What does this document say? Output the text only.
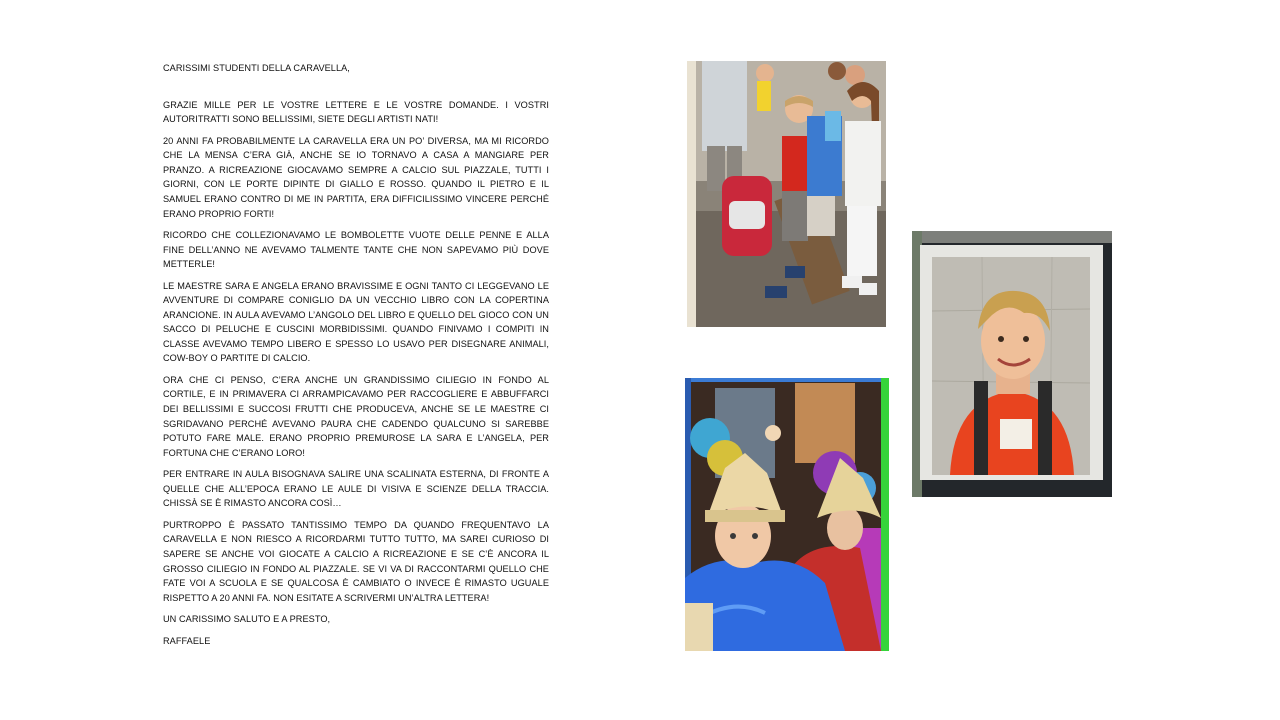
CARISSIMI STUDENTI DELLA CARAVELLA,

GRAZIE MILLE PER LE VOSTRE LETTERE E LE VOSTRE DOMANDE. I VOSTRI AUTORITRATTI SONO BELLISSIMI, SIETE DEGLI ARTISTI NATI!

20 ANNI FA PROBABILMENTE LA CARAVELLA ERA UN PO’ DIVERSA, MA MI RICORDO CHE LA MENSA C’ERA GIÀ, ANCHE SE IO TORNAVO A CASA A MANGIARE PER PRANZO. A RICREAZIONE GIOCAVAMO SEMPRE A CALCIO SUL PIAZZALE, TUTTI I GIORNI, CON LE PORTE DIPINTE DI GIALLO E ROSSO. QUANDO IL PIETRO E IL SAMUEL ERANO CONTRO DI ME IN PARTITA, ERA DIFFICILISSIMO VINCERE PERCHÉ ERANO PROPRIO FORTI!

RICORDO CHE COLLEZIONAVAMO LE BOMBOLETTE VUOTE DELLE PENNE E ALLA FINE DELL’ANNO NE AVEVAMO TALMENTE TANTE CHE NON SAPEVAMO PIÙ DOVE METTERLE!

LE MAESTRE SARA E ANGELA ERANO BRAVISSIME E OGNI TANTO CI LEGGEVANO LE AVVENTURE DI COMPARE CONIGLIO DA UN VECCHIO LIBRO CON LA COPERTINA ARANCIONE. IN AULA AVEVAMO L’ANGOLO DEL LIBRO E QUELLO DEL GIOCO CON UN SACCO DI PELUCHE E CUSCINI MORBIDISSIMI. QUANDO FINIVAMO I COMPITI IN CLASSE AVEVAMO TEMPO LIBERO E SPESSO LO USAVO PER DISEGNARE ANIMALI, COW-BOY O PARTITE DI CALCIO.

ORA CHE CI PENSO, C’ERA ANCHE UN GRANDISSIMO CILIEGIO IN FONDO AL CORTILE, E IN PRIMAVERA CI ARRAMPICAVAMO PER RACCOGLIERE E ABBUFFARCI DEI BELLISSIMI E SUCCOSI FRUTTI CHE PRODUCEVA, ANCHE SE LE MAESTRE CI SGRIDAVANO PERCHÉ AVEVANO PAURA CHE CADENDO QUALCUNO SI SAREBBE POTUTO FARE MALE. ERANO PROPRIO PREMUROSE LA SARA E L’ANGELA, PER FORTUNA CHE C’ERANO LORO!

PER ENTRARE IN AULA BISOGNAVA SALIRE UNA SCALINATA ESTERNA, DI FRONTE A QUELLE CHE ALL’EPOCA ERANO LE AULE DI VISIVA E SCIENZE DELLA TRACCIA. CHISSÀ SE È RIMASTO ANCORA COSÌ…

PURTROPPO È PASSATO TANTISSIMO TEMPO DA QUANDO FREQUENTAVO LA CARAVELLA E NON RIESCO A RICORDARMI TUTTO TUTTO, MA SAREI CURIOSO DI SAPERE SE ANCHE VOI GIOCATE A CALCIO A RICREAZIONE E SE C’È ANCORA IL GROSSO CILIEGIO IN FONDO AL PIAZZALE. SE VI VA DI RACCONTARMI QUELLO CHE FATE VOI A SCUOLA E SE QUALCOSA È CAMBIATO O INVECE È RIMASTO UGUALE RISPETTO A 20 ANNI FA. NON ESITATE A SCRIVERMI UN’ALTRA LETTERA!

UN CARISSIMO SALUTO E A PRESTO,

RAFFAELE
